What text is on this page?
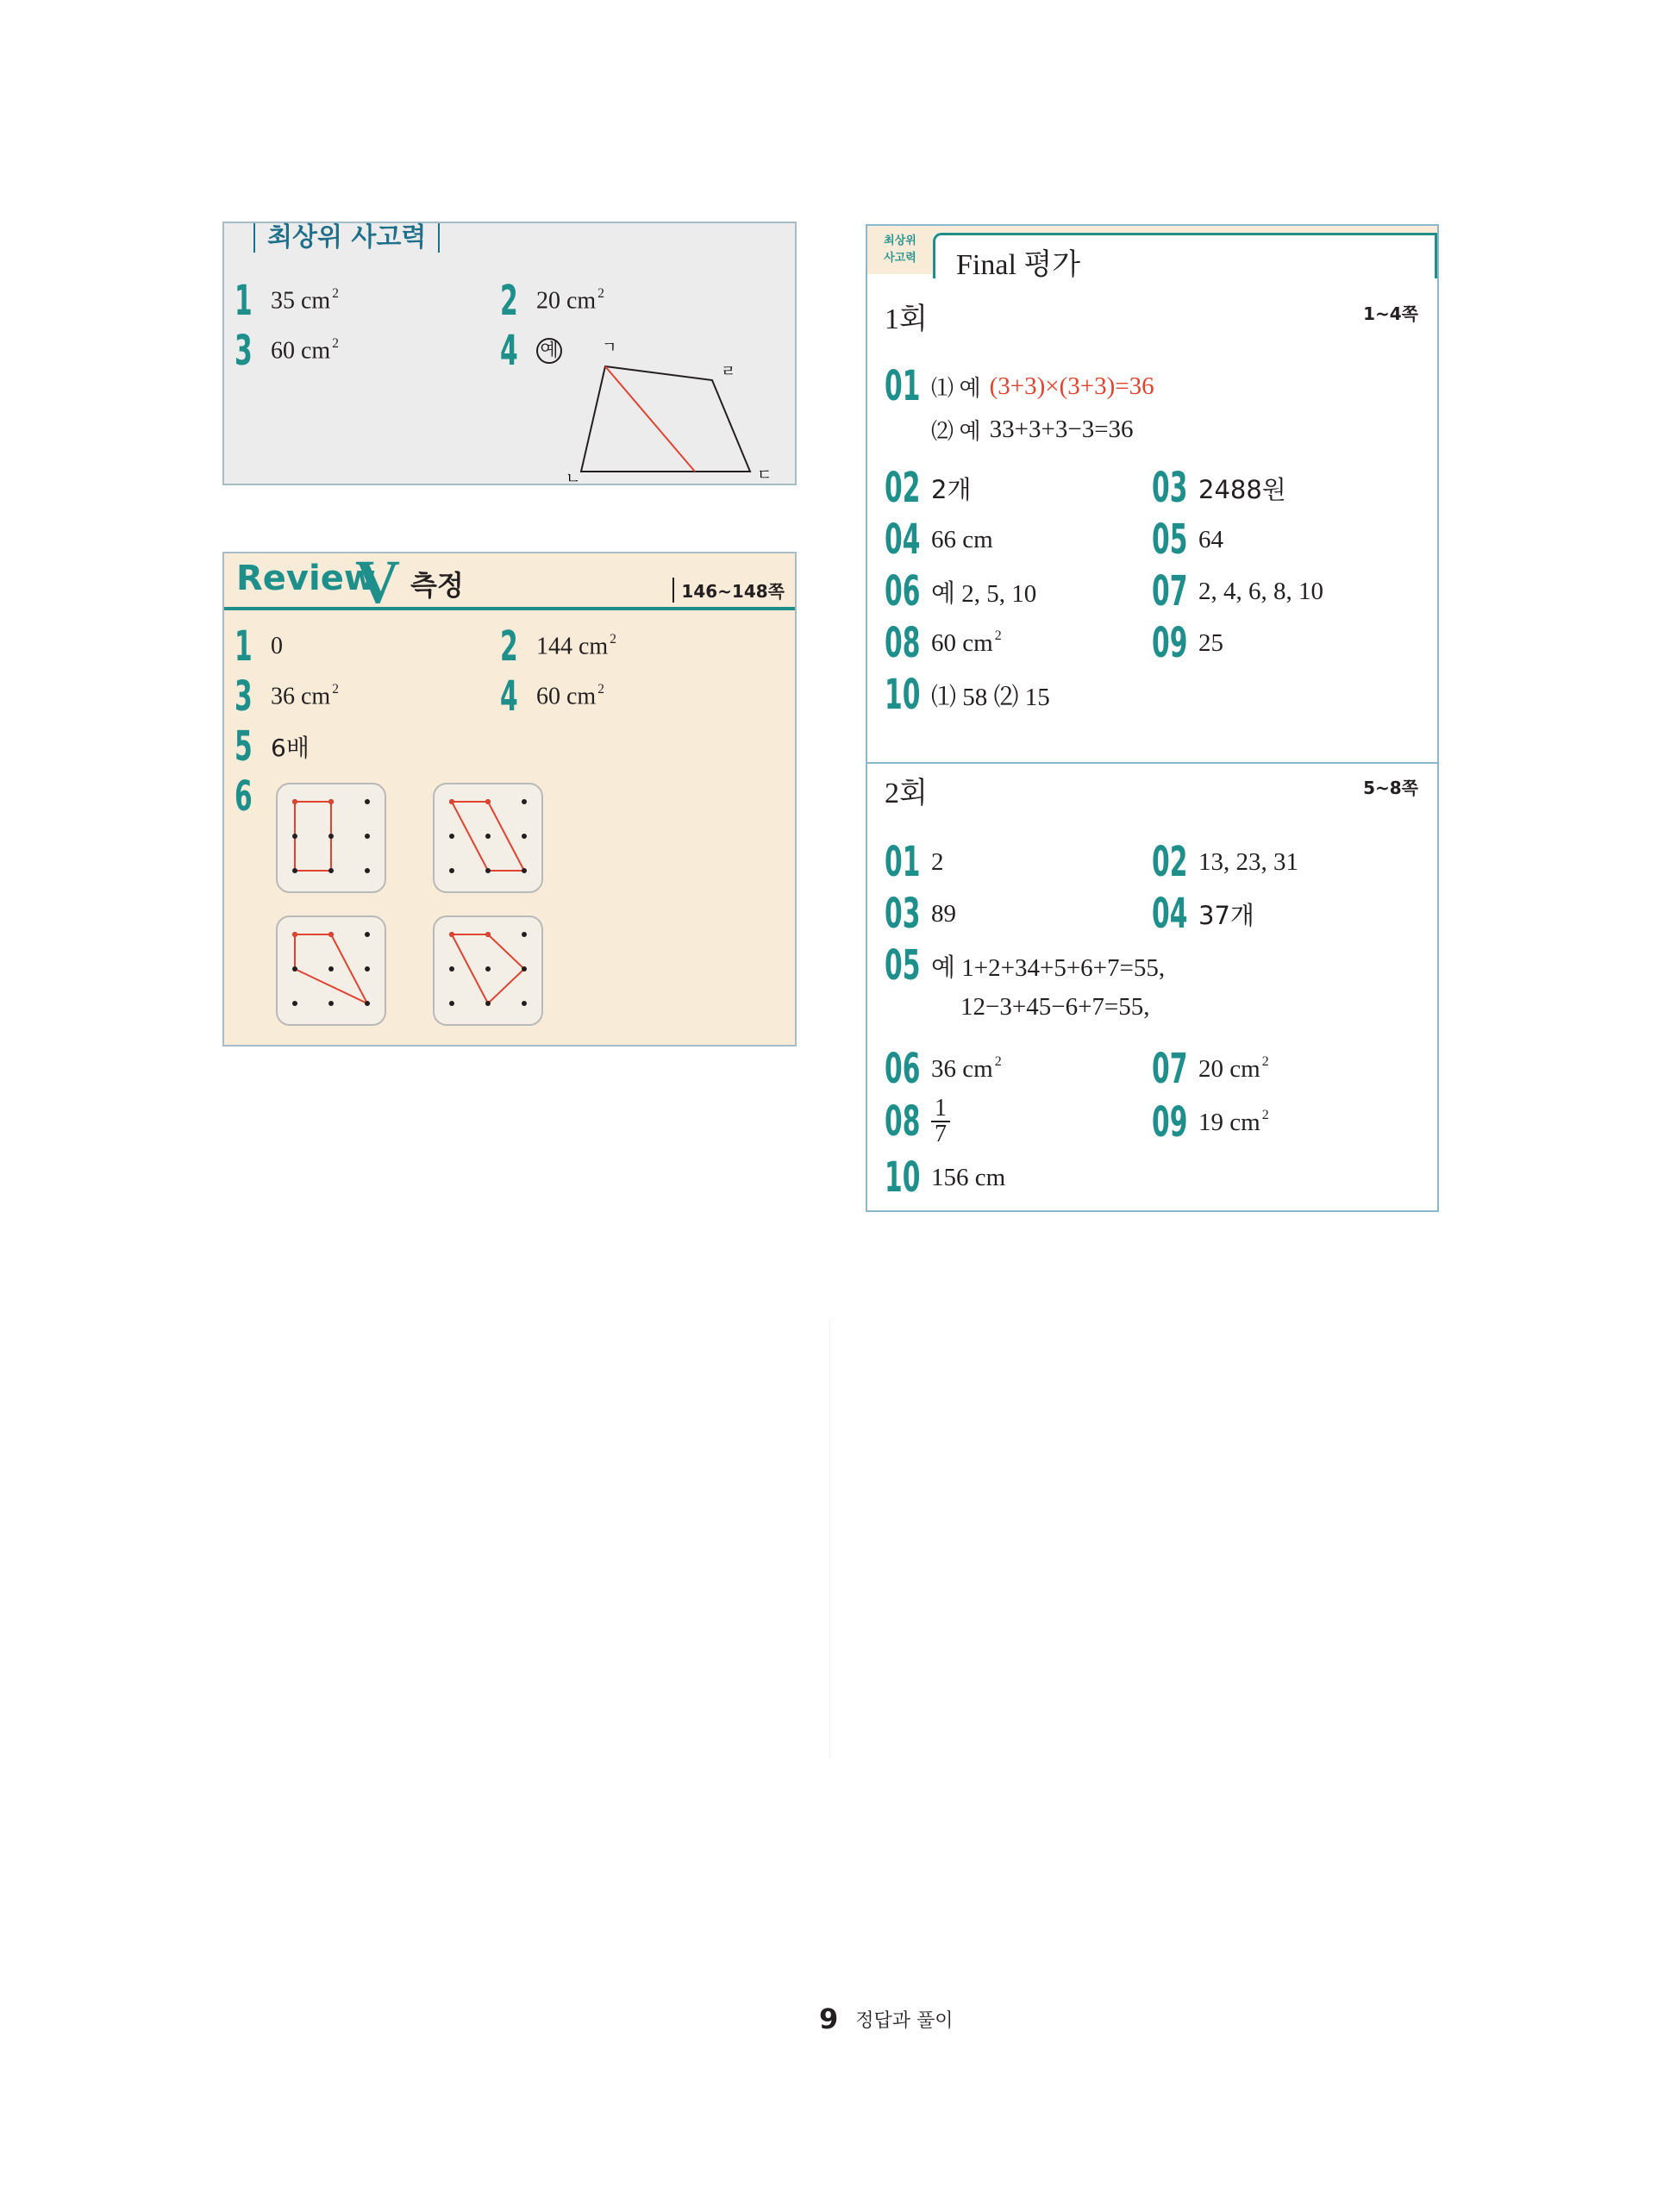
최상위 사고력
1 35 cm $^2$	2 20 cm $^2$
3 60 cm $^2$	4 예	ㄱ
ㄹ
ㄴ	ㄷ
Review
V 측정	146~148쪽
1 0	2 144 cm $^2$
3 36 cm $^2$	4 60 cm $^2$
5 6배
6
최상위
사고력	Final 평가
1회	1~4쪽
01 ⑴ 예 (3+3)×(3+3)=36
⑵ 예 33+3+3−3=36
02 2개	03 2488원
04 66 cm	05 64
06 예 2, 5, 10	07 2, 4, 6, 8, 10
08 60 cm $^2$	09 25
10 ⑴ 58 ⑵ 15
2회	5~8쪽
01 2	02 13, 23, 31
03 89	04 37개
05 예 1+2+34+5+6+7=55,
12−3+45−6+7=55,
06 36 cm $^2$	07 20 cm $^2$
$08 \frac{1}{7}$	09 19 cm $^2$
10 156 cm
9 정답과 풀이
